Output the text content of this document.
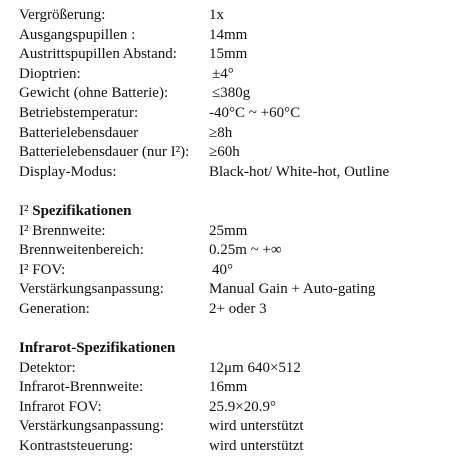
Vergrößerung:	1x
Ausgangspupillen :	14mm
Austrittspupillen Abstand: 15mm
Dioptrien:	±4°
Gewicht (ohne Batterie):	≤380g
Betriebstemperatur:	-40°C ~ +60°C
Batterielebensdauer	≥8h
Batterielebensdauer (nur I²): ≥60h
Display-Modus:	Black-hot/ White-hot, Outline
I² Spezifikationen
I² Brennweite:	25mm
Brennweitenbereich:	0.25m ~ +∞
I² FOV:	40°
Verstärkungsanpassung:	Manual Gain + Auto-gating
Generation:	2+ oder 3
Infrarot-Spezifikationen
Detektor:	12μm 640×512
Infrarot-Brennweite:	16mm
Infrarot FOV:	25.9×20.9°
Verstärkungsanpassung:	wird unterstützt
Kontraststeuerung:	wird unterstützt
